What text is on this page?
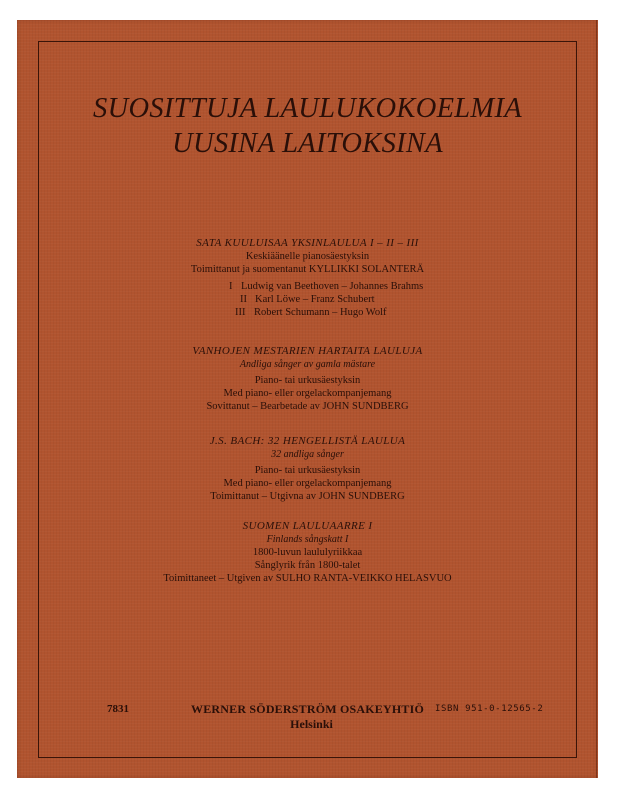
SUOSITTUJA LAULUKOKOELMIA
UUSINA LAITOKSINA
SATA KUULUISAA YKSINLAULUA I – II – III
Keskiäänelle pianosäestyksin
Toimittanut ja suomentanut KYLLIKKI SOLANTERÄ
I Ludwig van Beethoven – Johannes Brahms
II Karl Löwe – Franz Schubert
III Robert Schumann – Hugo Wolf
VANHOJEN MESTARIEN HARTAITA LAULUJA
Andliga sånger av gamla mästare
Piano- tai urkusäestyksin
Med piano- eller orgelackompanjemang
Sovittanut – Bearbetade av JOHN SUNDBERG
J.S. BACH: 32 HENGELLISTÄ LAULUA
32 andliga sånger
Piano- tai urkusäestyksin
Med piano- eller orgelackompanjemang
Toimittanut – Utgivna av JOHN SUNDBERG
SUOMEN LAULUAARRE I
Finlands sångskatt I
1800-luvun laululyriikkaa
Sånglyrik från 1800-talet
Toimittaneet – Utgiven av SULHO RANTA-VEIKKO HELASVUO
7831	WERNER SÖDERSTRÖM OSAKEYHTIÖ
Helsinki
ISBN 951-0-12565-2
